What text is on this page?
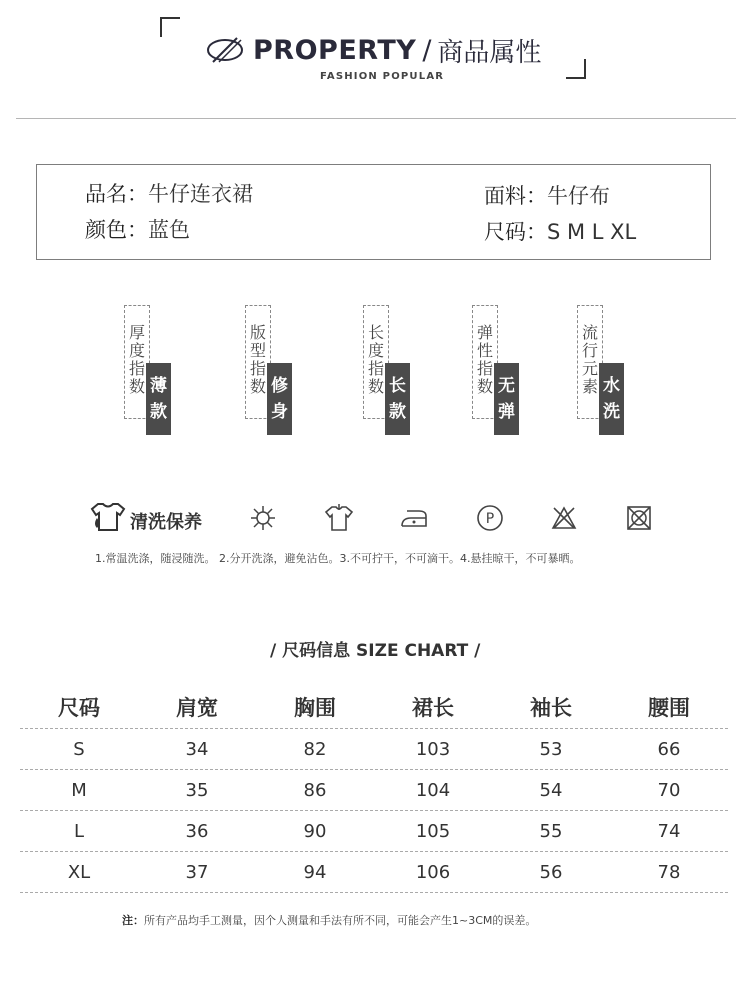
PROPERTY / 商品属性
FASHION POPULAR
品名：牛仔连衣裙
颜色：蓝色
面料：牛仔布
尺码：S M L XL
厚
度
指
数 薄
款
版
型
指
数 修
身
长
度
指
数 长
款
弹
性
指
数 无
弹
流
行
元
素 水
洗
清洗保养	P
1.常温洗涤，随浸随洗。 2.分开洗涤，避免沾色。3.不可拧干，不可滴干。4.悬挂晾干，不可暴晒。
/ 尺码信息 SIZE CHART /
尺码	肩宽	胸围	裙长	袖长	腰围
S	34	82	103	53	66
M	35	86	104	54	70
L	36	90	105	55	74
XL	37	94	106	56	78
注：所有产品均手工测量，因个人测量和手法有所不同，可能会产生1~3CM的误差。
